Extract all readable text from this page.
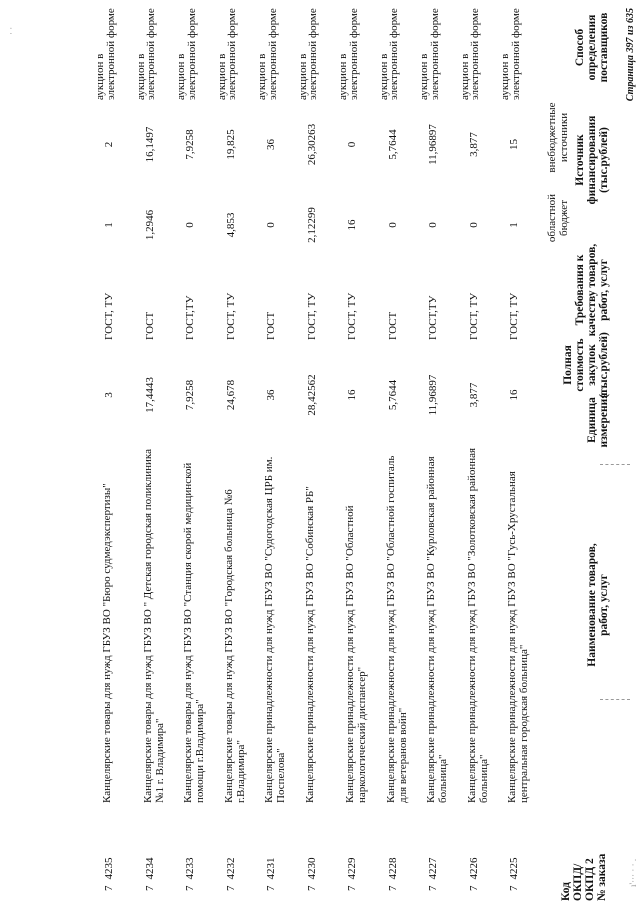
Код ОКПД/ ОКПД 2 № заказа
Наименование товаров, работ, услуг
Единица измерения
Полная стоимость закупок (тыс.рублей)
Требования к качеству товаров, работ, услуг
Источник финансирования (тыс.рублей)
областной бюджет
внебюджетные источники
Способ определения поставщиков
74225
Канцелярские принадлежности для нужд ГБУЗ ВО "Гусь-Хрустальная центральная городская больница"
16
ГОСТ, ТУ
1
15
аукцион в электронной форме
74226
Канцелярские принадлежности для нужд ГБУЗ ВО "Золотковская районная больница"
3,877
ГОСТ, ТУ
0
3,877
аукцион в электронной форме
74227
Канцелярские принадлежности для нужд ГБУЗ ВО "Курловская районная больница"
11,96897
ГОСТ,ТУ
0
11,96897
аукцион в электронной форме
74228
Канцелярские принадлежности для нужд ГБУЗ ВО "Областной госпиталь для ветеранов войн"
5,7644
ГОСТ
0
5,7644
аукцион в электронной форме
74229
Канцелярские принадлежности для нужд ГБУЗ ВО "Областной наркологический диспансер"
16
ГОСТ, ТУ
16
0
аукцион в электронной форме
74230
Канцелярские принадлежности для нужд ГБУЗ ВО "Собинская РБ"
28,42562
ГОСТ, ТУ
2,12299
26,30263
аукцион в электронной форме
74231
Канцелярские принадлежности для нужд ГБУЗ ВО "Судогодская ЦРБ им. Поспелова"
36
ГОСТ
0
36
аукцион в электронной форме
74232
Канцелярские товары для нужд ГБУЗ ВО "Городская больница №6 г.Владимира"
24,678
ГОСТ, ТУ
4,853
19,825
аукцион в электронной форме
74233
Канцелярские товары для нужд ГБУЗ ВО "Станция скорой медицинской помощи г.Владимира"
7,9258
ГОСТ,ТУ
0
7,9258
аукцион в электронной форме
74234
Канцелярские товары для нужд ГБУЗ ВО " Детская городская поликлиника №1 г. Владимира"
17,4443
ГОСТ
1,2946
16,1497
аукцион в электронной форме
74235
Канцелярские товары для нужд ГБУЗ ВО "Бюро судмедэкспертизы"
3
ГОСТ, ТУ
1
2
аукцион в электронной форме	Страница 397 из 635
ı'··· · · .
· ·
